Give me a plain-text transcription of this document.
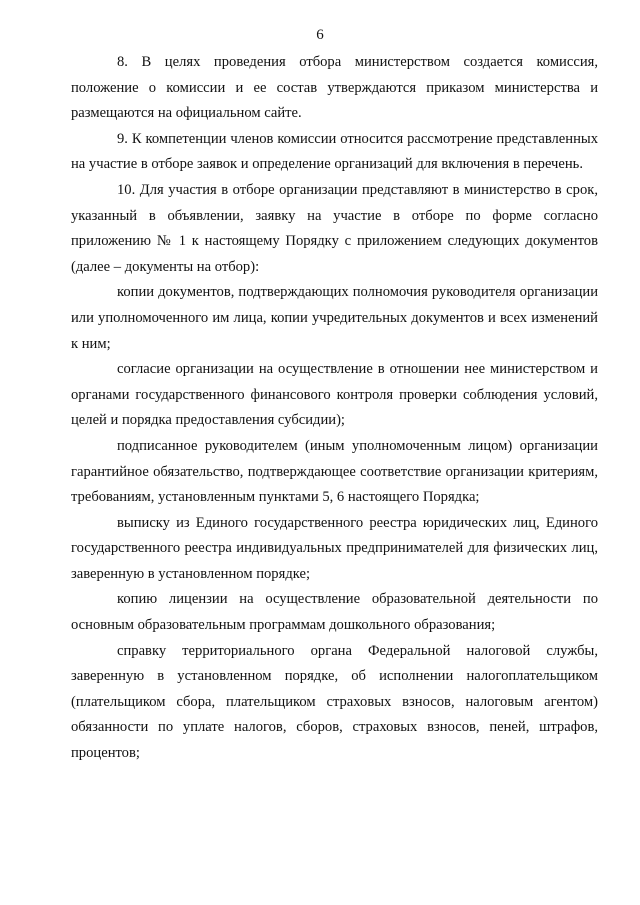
6

8. В целях проведения отбора министерством создается комиссия, положение о комиссии и ее состав утверждаются приказом министерства и размещаются на официальном сайте.

9. К компетенции членов комиссии относится рассмотрение представленных на участие в отборе заявок и определение организаций для включения в перечень.

10. Для участия в отборе организации представляют в министерство в срок, указанный в объявлении, заявку на участие в отборе по форме согласно приложению № 1 к настоящему Порядку с приложением следующих документов (далее – документы на отбор):

копии документов, подтверждающих полномочия руководителя организации или уполномоченного им лица, копии учредительных документов и всех изменений к ним;

согласие организации на осуществление в отношении нее министерством и органами государственного финансового контроля проверки соблюдения условий, целей и порядка предоставления субсидии);

подписанное руководителем (иным уполномоченным лицом) организации гарантийное обязательство, подтверждающее соответствие организации критериям, требованиям, установленным пунктами 5, 6 настоящего Порядка;

выписку из Единого государственного реестра юридических лиц, Единого государственного реестра индивидуальных предпринимателей для физических лиц, заверенную в установленном порядке;

копию лицензии на осуществление образовательной деятельности по основным образовательным программам дошкольного образования;

справку территориального органа Федеральной налоговой службы, заверенную в установленном порядке, об исполнении налогоплательщиком (плательщиком сбора, плательщиком страховых взносов, налоговым агентом) обязанности по уплате налогов, сборов, страховых взносов, пеней, штрафов, процентов;
